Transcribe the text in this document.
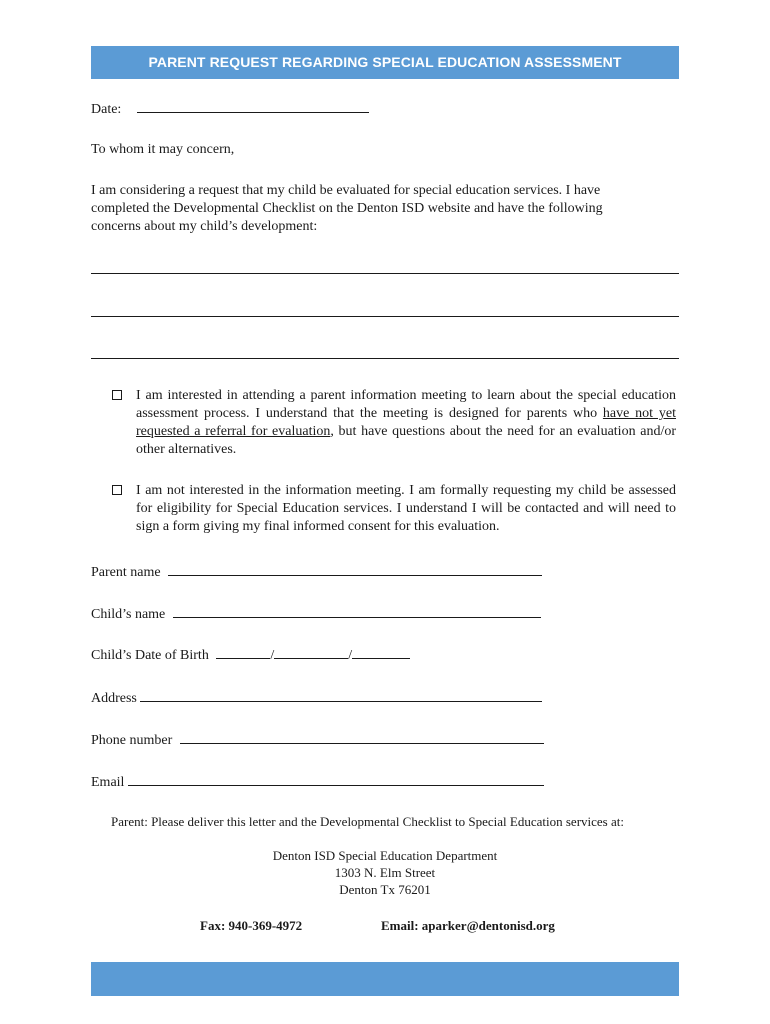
PARENT REQUEST REGARDING SPECIAL EDUCATION ASSESSMENT
Date:
To whom it may concern,
I am considering a request that my child be evaluated for special education services. I have completed the Developmental Checklist on the Denton ISD website and have the following concerns about my child’s development:
I am interested in attending a parent information meeting to learn about the special education assessment process. I understand that the meeting is designed for parents who have not yet requested a referral for evaluation, but have questions about the need for an evaluation and/or other alternatives.
I am not interested in the information meeting. I am formally requesting my child be assessed for eligibility for Special Education services. I understand I will be contacted and will need to sign a form giving my final informed consent for this evaluation.
Parent name
Child’s name
Child’s Date of Birth	/	/
Address
Phone number
Email
Parent: Please deliver this letter and the Developmental Checklist to Special Education services at:
Denton ISD Special Education Department
1303 N. Elm Street
Denton Tx 76201
Fax: 940-369-4972	Email: aparker@dentonisd.org
